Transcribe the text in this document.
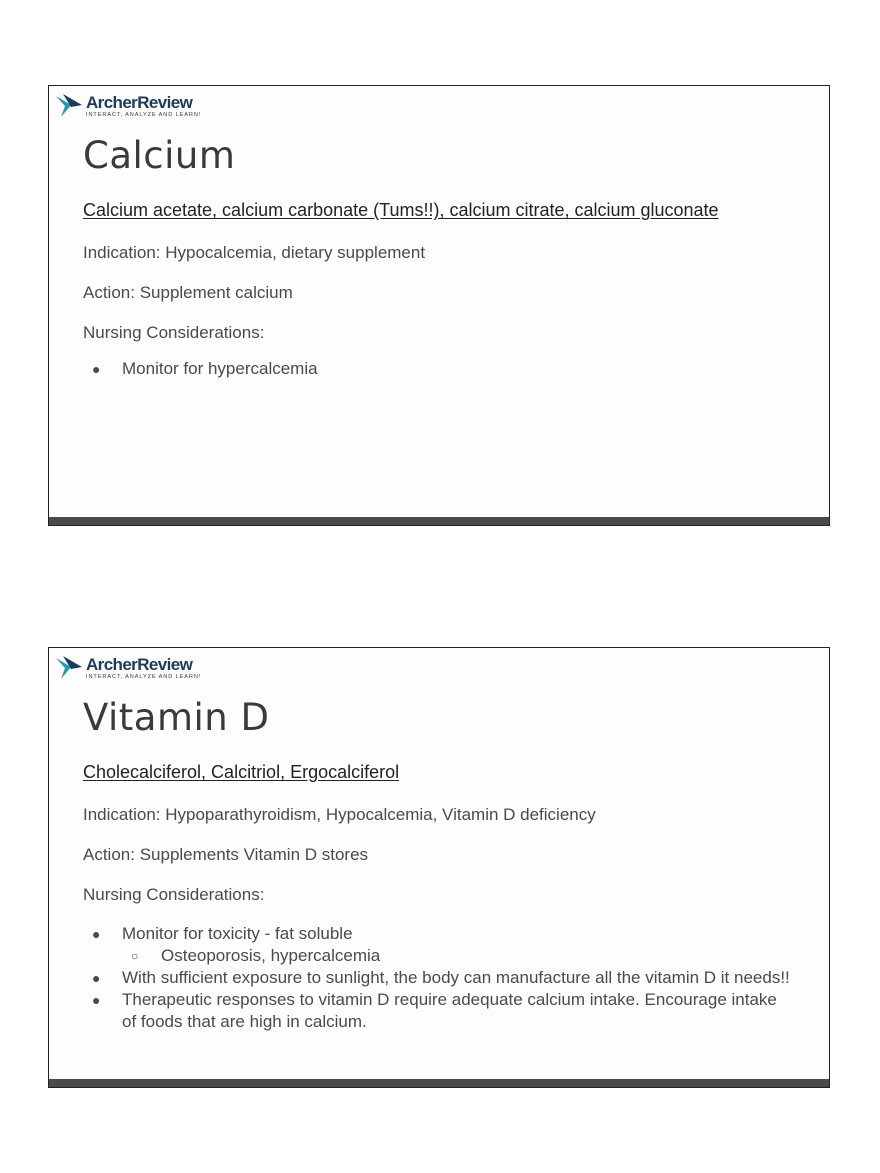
ArcherReview
INTERACT, ANALYZE AND LEARN!
Calcium

Calcium acetate, calcium carbonate (Tums!!), calcium citrate, calcium gluconate

Indication: Hypocalcemia, dietary supplement

Action: Supplement calcium

Nursing Considerations:

● Monitor for hypercalcemia
ArcherReview
INTERACT, ANALYZE AND LEARN!
Vitamin D

Cholecalciferol, Calcitriol, Ergocalciferol

Indication: Hypoparathyroidism, Hypocalcemia, Vitamin D deficiency

Action: Supplements Vitamin D stores

Nursing Considerations:

● Monitor for toxicity - fat soluble
○ Osteoporosis, hypercalcemia
● With sufficient exposure to sunlight, the body can manufacture all the vitamin D it needs!!
● Therapeutic responses to vitamin D require adequate calcium intake. Encourage intake of foods that are high in calcium.
